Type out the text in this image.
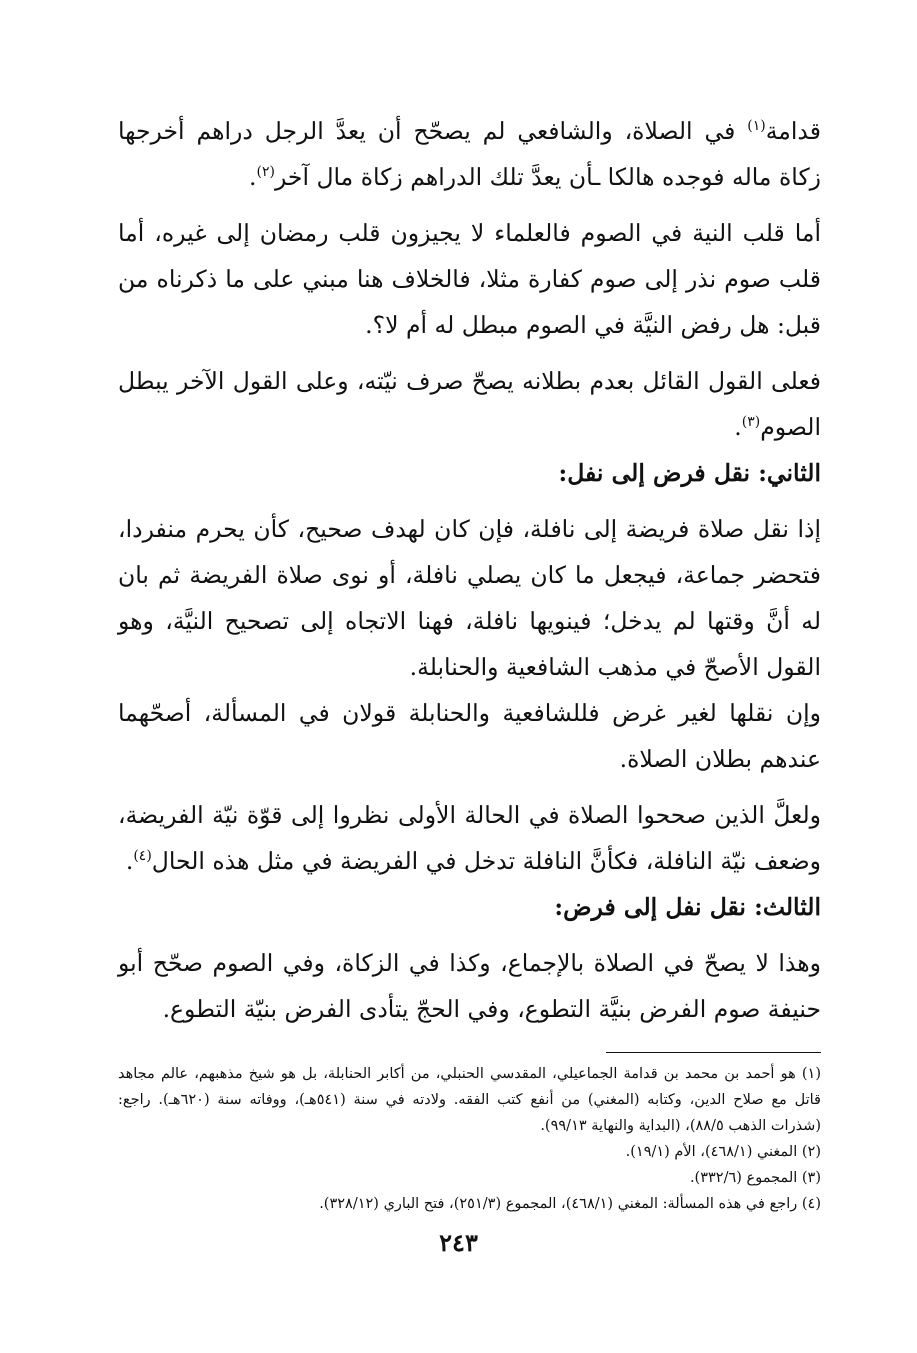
قدامة$^{(١)}$ في الصلاة، والشافعي لم يصحّح أن يعدَّ الرجل دراهم أخرجها زكاة ماله فوجده هالكا ـأن يعدَّ تلك الدراهم زكاة مال آخر$^{(٢)}$.

أما قلب النية في الصوم فالعلماء لا يجيزون قلب رمضان إلى غيره، أما قلب صوم نذر إلى صوم كفارة مثلا، فالخلاف هنا مبني على ما ذكرناه من قبل: هل رفض النيَّة في الصوم مبطل له أم لا؟.

فعلى القول القائل بعدم بطلانه يصحّ صرف نيّته، وعلى القول الآخر يبطل الصوم$^{(٣)}$.

الثاني: نقل فرض إلى نفل:

إذا نقل صلاة فريضة إلى نافلة، فإن كان لهدف صحيح، كأن يحرم منفردا، فتحضر جماعة، فيجعل ما كان يصلي نافلة، أو نوى صلاة الفريضة ثم بان له أنَّ وقتها لم يدخل؛ فينويها نافلة، فهنا الاتجاه إلى تصحيح النيَّة، وهو القول الأصحّ في مذهب الشافعية والحنابلة.

وإن نقلها لغير غرض فللشافعية والحنابلة قولان في المسألة، أصحّهما عندهم بطلان الصلاة.

ولعلَّ الذين صححوا الصلاة في الحالة الأولى نظروا إلى قوّة نيّة الفريضة، وضعف نيّة النافلة، فكأنَّ النافلة تدخل في الفريضة في مثل هذه الحال$^{(٤)}$.

الثالث: نقل نفل إلى فرض:

وهذا لا يصحّ في الصلاة بالإجماع، وكذا في الزكاة، وفي الصوم صحّح أبو حنيفة صوم الفرض بنيَّة التطوع، وفي الحجّ يتأدى الفرض بنيّة التطوع.

(١) هو أحمد بن محمد بن قدامة الجماعيلي، المقدسي الحنبلي، من أكابر الحنابلة، بل هو شيخ مذهبهم، عالم مجاهد قاتل مع صلاح الدين، وكتابه (المغني) من أنفع كتب الفقه. ولادته في سنة (٥٤١هـ)، ووفاته سنة (٦٢٠هـ). راجع: (شذرات الذهب ٨٨/٥)، (البداية والنهاية ٩٩/١٣).

(٢) المغني (٤٦٨/١)، الأم (١٩/١).

(٣) المجموع (٣٣٢/٦).

(٤) راجع في هذه المسألة: المغني (٤٦٨/١)، المجموع (٢٥١/٣)، فتح الباري (٣٢٨/١٢).

٢٤٣
